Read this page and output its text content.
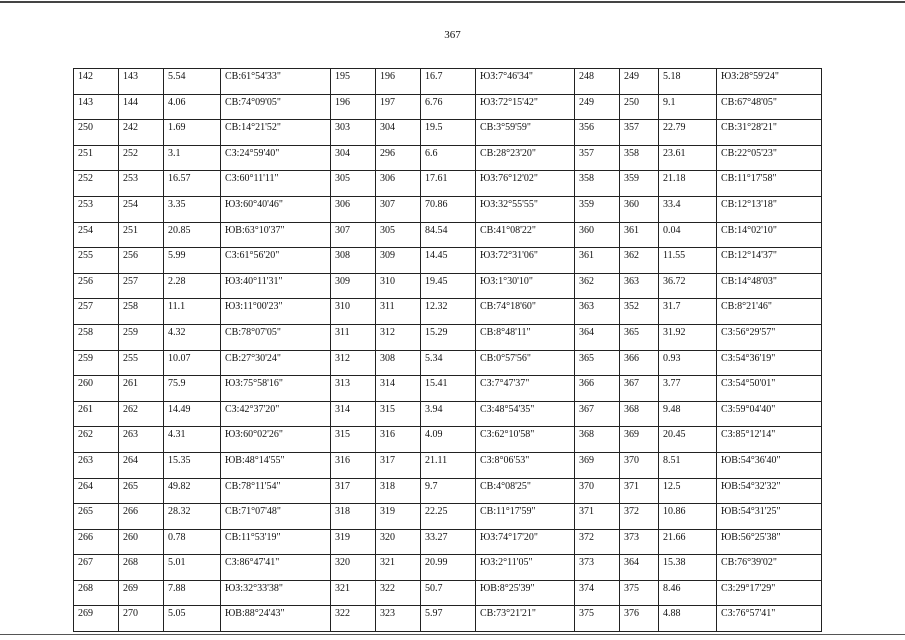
367
142	143	5.54	СВ:61°54'33"	195	196	16.7	ЮЗ:7°46'34"	248	249	5.18	ЮЗ:28°59'24"
143	144	4.06	СВ:74°09'05"	196	197	6.76	ЮЗ:72°15'42"	249	250	9.1	СВ:67°48'05"
250	242	1.69	СВ:14°21'52"	303	304	19.5	СВ:3°59'59"	356	357	22.79	СВ:31°28'21"
251	252	3.1	СЗ:24°59'40"	304	296	6.6	СВ:28°23'20"	357	358	23.61	СВ:22°05'23"
252	253	16.57	СЗ:60°11'11"	305	306	17.61	ЮЗ:76°12'02"	358	359	21.18	СВ:11°17'58"
253	254	3.35	ЮЗ:60°40'46"	306	307	70.86	ЮЗ:32°55'55"	359	360	33.4	СВ:12°13'18"
254	251	20.85	ЮВ:63°10'37"	307	305	84.54	СВ:41°08'22"	360	361	0.04	СВ:14°02'10"
255	256	5.99	СЗ:61°56'20"	308	309	14.45	ЮЗ:72°31'06"	361	362	11.55	СВ:12°14'37"
256	257	2.28	ЮЗ:40°11'31"	309	310	19.45	ЮЗ:1°30'10"	362	363	36.72	СВ:14°48'03"
257	258	11.1	ЮЗ:11°00'23"	310	311	12.32	СВ:74°18'60"	363	352	31.7	СВ:8°21'46"
258	259	4.32	СВ:78°07'05"	311	312	15.29	СВ:8°48'11"	364	365	31.92	СЗ:56°29'57"
259	255	10.07	СВ:27°30'24"	312	308	5.34	СВ:0°57'56"	365	366	0.93	СЗ:54°36'19"
260	261	75.9	ЮЗ:75°58'16"	313	314	15.41	СЗ:7°47'37"	366	367	3.77	СЗ:54°50'01"
261	262	14.49	СЗ:42°37'20"	314	315	3.94	СЗ:48°54'35"	367	368	9.48	СЗ:59°04'40"
262	263	4.31	ЮЗ:60°02'26"	315	316	4.09	СЗ:62°10'58"	368	369	20.45	СЗ:85°12'14"
263	264	15.35	ЮВ:48°14'55"	316	317	21.11	СЗ:8°06'53"	369	370	8.51	ЮВ:54°36'40"
264	265	49.82	СВ:78°11'54"	317	318	9.7	СВ:4°08'25"	370	371	12.5	ЮВ:54°32'32"
265	266	28.32	СВ:71°07'48"	318	319	22.25	СВ:11°17'59"	371	372	10.86	ЮВ:54°31'25"
266	260	0.78	СВ:11°53'19"	319	320	33.27	ЮЗ:74°17'20"	372	373	21.66	ЮВ:56°25'38"
267	268	5.01	СЗ:86°47'41"	320	321	20.99	ЮЗ:2°11'05"	373	364	15.38	СВ:76°39'02"
268	269	7.88	ЮЗ:32°33'38"	321	322	50.7	ЮВ:8°25'39"	374	375	8.46	СЗ:29°17'29"
269	270	5.05	ЮВ:88°24'43"	322	323	5.97	СВ:73°21'21"	375	376	4.88	СЗ:76°57'41"
